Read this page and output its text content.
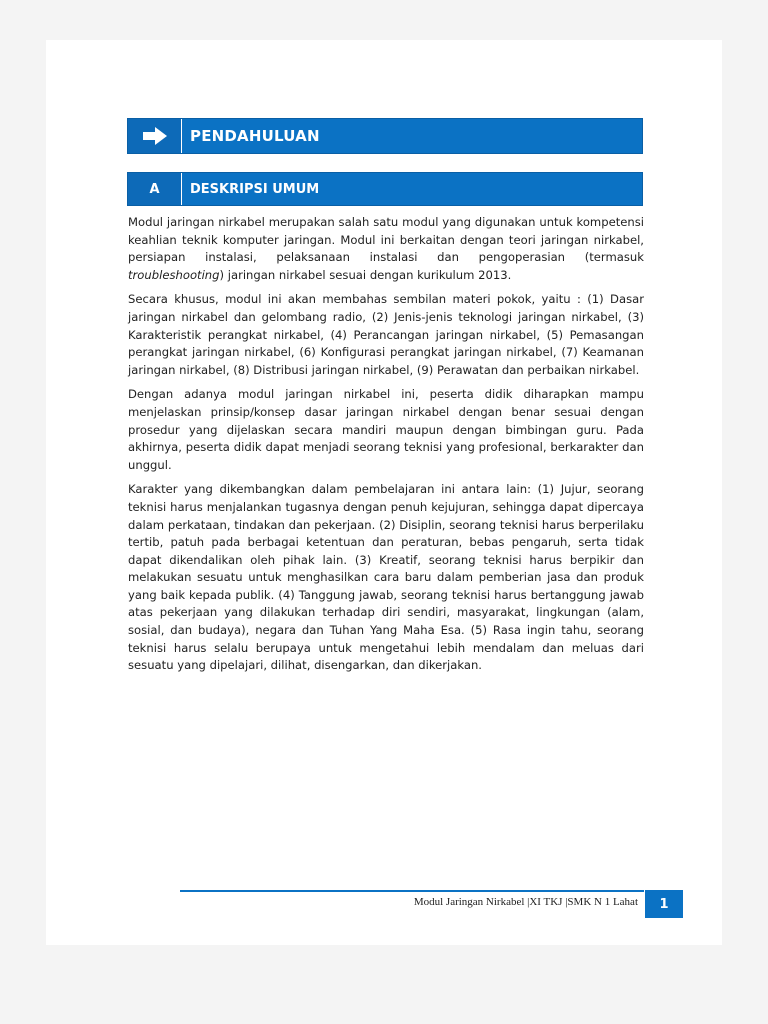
PENDAHULUAN
A DESKRIPSI UMUM

Modul jaringan nirkabel merupakan salah satu modul yang digunakan untuk kompetensi keahlian teknik komputer jaringan. Modul ini berkaitan dengan teori jaringan nirkabel, persiapan instalasi, pelaksanaan instalasi dan pengoperasian (termasuk troubleshooting) jaringan nirkabel sesuai dengan kurikulum 2013.

Secara khusus, modul ini akan membahas sembilan materi pokok, yaitu : (1) Dasar jaringan nirkabel dan gelombang radio, (2) Jenis-jenis teknologi jaringan nirkabel, (3) Karakteristik perangkat nirkabel, (4) Perancangan jaringan nirkabel, (5) Pemasangan perangkat jaringan nirkabel, (6) Konfigurasi perangkat jaringan nirkabel, (7) Keamanan jaringan nirkabel, (8) Distribusi jaringan nirkabel, (9) Perawatan dan perbaikan nirkabel.

Dengan adanya modul jaringan nirkabel ini, peserta didik diharapkan mampu menjelaskan prinsip/konsep dasar jaringan nirkabel dengan benar sesuai dengan prosedur yang dijelaskan secara mandiri maupun dengan bimbingan guru. Pada akhirnya, peserta didik dapat menjadi seorang teknisi yang profesional, berkarakter dan unggul.

Karakter yang dikembangkan dalam pembelajaran ini antara lain: (1) Jujur, seorang teknisi harus menjalankan tugasnya dengan penuh kejujuran, sehingga dapat dipercaya dalam perkataan, tindakan dan pekerjaan. (2) Disiplin, seorang teknisi harus berperilaku tertib, patuh pada berbagai ketentuan dan peraturan, bebas pengaruh, serta tidak dapat dikendalikan oleh pihak lain. (3) Kreatif, seorang teknisi harus berpikir dan melakukan sesuatu untuk menghasilkan cara baru dalam pemberian jasa dan produk yang baik kepada publik. (4) Tanggung jawab, seorang teknisi harus bertanggung jawab atas pekerjaan yang dilakukan terhadap diri sendiri, masyarakat, lingkungan (alam, sosial, dan budaya), negara dan Tuhan Yang Maha Esa. (5) Rasa ingin tahu, seorang teknisi harus selalu berupaya untuk mengetahui lebih mendalam dan meluas dari sesuatu yang dipelajari, dilihat, disengarkan, dan dikerjakan.

Modul Jaringan Nirkabel |XI TKJ |SMK N 1 Lahat	1
